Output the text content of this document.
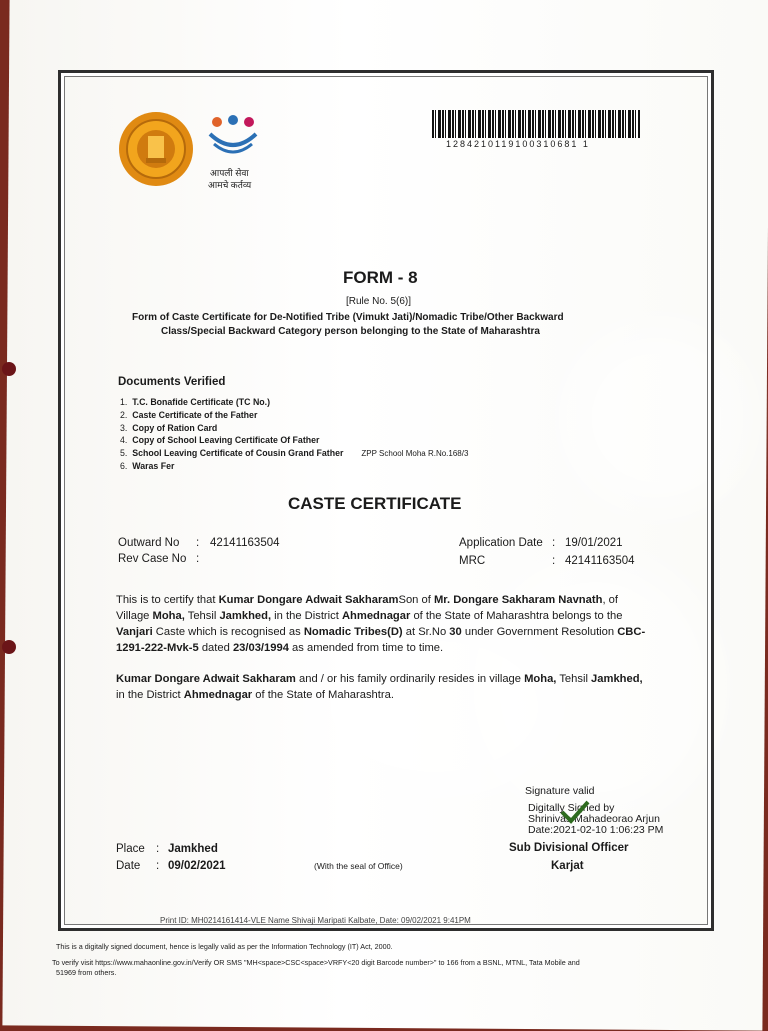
आपली सेवा
आमचे कर्तव्य
1284210119100310681 1
FORM - 8
[Rule No. 5(6)]
Form of Caste Certificate for De-Notified Tribe (Vimukt Jati)/Nomadic Tribe/Other Backward
Class/Special Backward Category person belonging to the State of Maharashtra
Documents Verified
1. T.C. Bonafide Certificate (TC No.)
2. Caste Certificate of the Father
3. Copy of Ration Card
4. Copy of School Leaving Certificate Of Father
5. School Leaving Certificate of Cousin Grand Father ZPP School Moha R.No.168/3
6. Waras Fer
CASTE CERTIFICATE
Outward No : 42141163504
Rev Case No :
Application Date : 19/01/2021
MRC	: 42141163504
This is to certify that Kumar Dongare Adwait SakharamSon of Mr. Dongare Sakharam Navnath, of Village Moha, Tehsil Jamkhed, in the District Ahmednagar of the State of Maharashtra belongs to the Vanjari Caste which is recognised as Nomadic Tribes(D) at Sr.No 30 under Government Resolution CBC-1291-222-Mvk-5 dated 23/03/1994 as amended from time to time.
Kumar Dongare Adwait Sakharam and / or his family ordinarily resides in village Moha, Tehsil Jamkhed, in the District Ahmednagar of the State of Maharashtra.
Signature valid
Digitally Signed by
Shrinivas Mahadeorao Arjun
Date:2021-02-10 1:06:23 PM
Sub Divisional Officer
Karjat
Place : Jamkhed
Date : 09/02/2021	(With the seal of Office)
Print ID: MH0214161414-VLE Name Shivaji Maripati Kalbate, Date: 09/02/2021 9:41PM
This is a digitally signed document, hence is legally valid as per the Information Technology (IT) Act, 2000.
To verify visit https://www.mahaonline.gov.in/Verify OR SMS "MH<space>CSC<space>VRFY<20 digit Barcode number>" to 166 from a BSNL, MTNL, Tata Mobile and
51969 from others.
